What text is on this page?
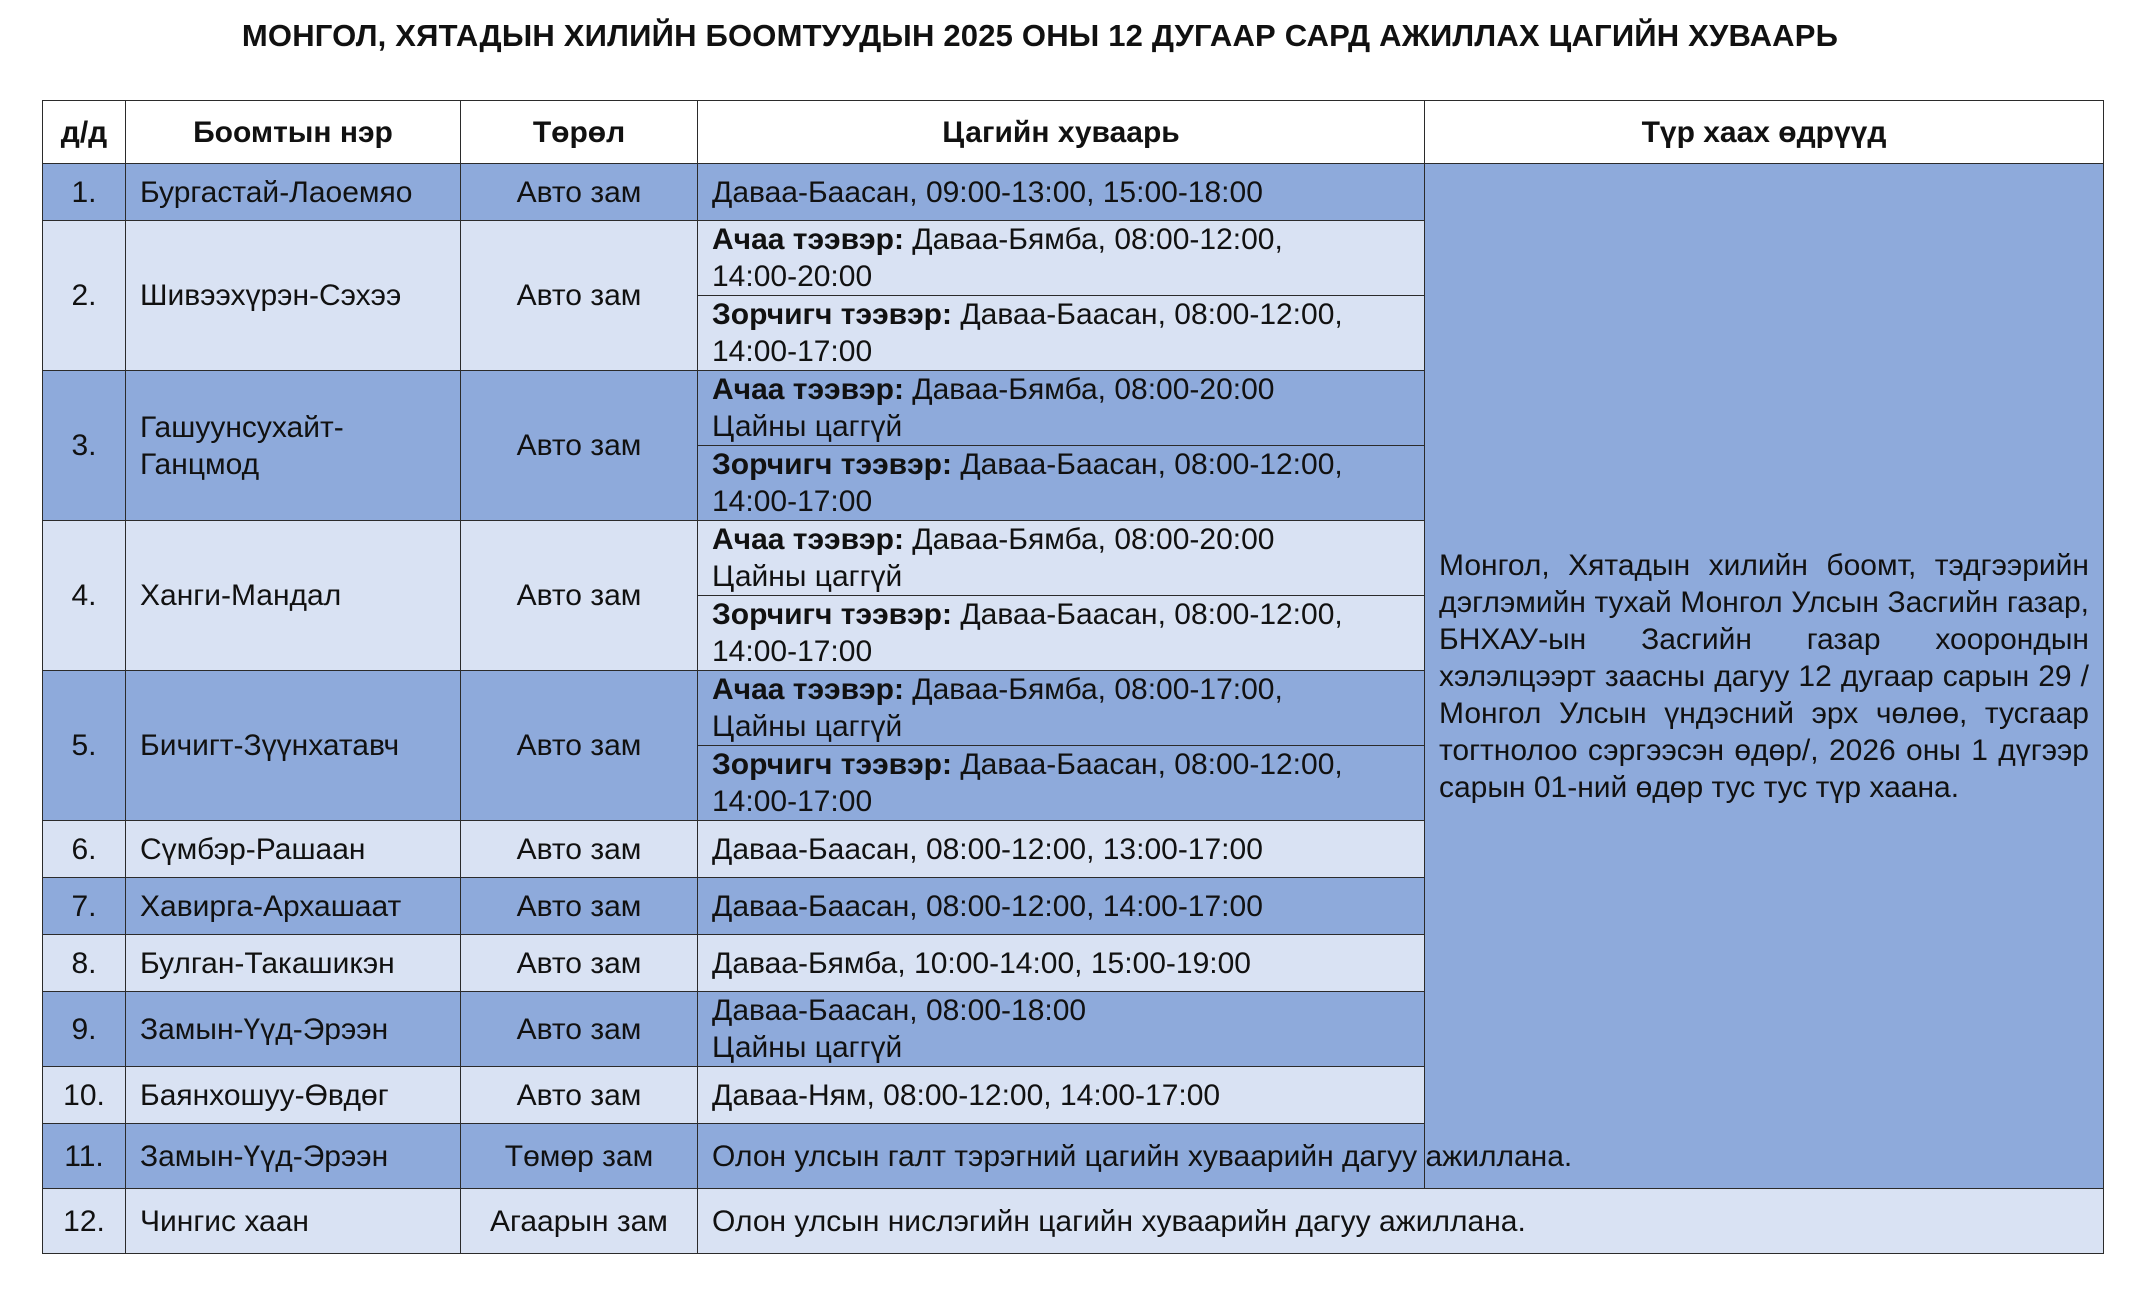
МОНГОЛ, ХЯТАДЫН ХИЛИЙН БООМТУУДЫН 2025 ОНЫ 12 ДУГААР САРД АЖИЛЛАХ ЦАГИЙН ХУВААРЬ
д/д	Боомтын нэр	Төрөл	Цагийн хуваарь	Түр хаах өдрүүд
1.	Бургастай-Лаоемяо	Авто зам	Даваа-Баасан, 09:00-13:00, 15:00-18:00	Монгол, Хятадын хилийн боомт, тэдгээрийн дэглэмийн тухай Монгол Улсын Засгийн газар, БНХАУ-ын Засгийн газар хоорондын хэлэлцээрт заасны дагуу 12 дугаар сарын 29 /Монгол Улсын үндэсний эрх чөлөө, тусгаар тогтнолоо сэргээсэн өдөр/, 2026 оны 1 дүгээр сарын 01-ний өдөр тус тус түр хаана.
2.	Шивээхүрэн-Сэхээ	Авто зам	Ачаа тээвэр: Даваа-Бямба, 08:00-12:00,
14:00-20:00	
			Зорчигч тээвэр: Даваа-Баасан, 08:00-12:00,
14:00-17:00	
3.	Гашуунсухайт-
Ганцмод	Авто зам	Ачаа тээвэр: Даваа-Бямба, 08:00-20:00
Цайны цаггүй	
			Зорчигч тээвэр: Даваа-Баасан, 08:00-12:00,
14:00-17:00	
4.	Ханги-Мандал	Авто зам	Ачаа тээвэр: Даваа-Бямба, 08:00-20:00
Цайны цаггүй	
			Зорчигч тээвэр: Даваа-Баасан, 08:00-12:00,
14:00-17:00	
5.	Бичигт-Зүүнхатавч	Авто зам	Ачаа тээвэр: Даваа-Бямба, 08:00-17:00,
Цайны цаггүй	
			Зорчигч тээвэр: Даваа-Баасан, 08:00-12:00,
14:00-17:00	
6.	Сүмбэр-Рашаан	Авто зам	Даваа-Баасан, 08:00-12:00, 13:00-17:00	
7.	Хавирга-Архашаат	Авто зам	Даваа-Баасан, 08:00-12:00, 14:00-17:00	
8.	Булган-Такашикэн	Авто зам	Даваа-Бямба, 10:00-14:00, 15:00-19:00	
9.	Замын-Үүд-Эрээн	Авто зам	Даваа-Баасан, 08:00-18:00
Цайны цаггүй	
10.	Баянхошуу-Өвдөг	Авто зам	Даваа-Ням, 08:00-12:00, 14:00-17:00	
11.	Замын-Үүд-Эрээн	Төмөр зам	Олон улсын галт тэрэгний цагийн хуваарийн дагуу ажиллана.	
12.	Чингис хаан	Агаарын зам	Олон улсын нислэгийн цагийн хуваарийн дагуу ажиллана.	
